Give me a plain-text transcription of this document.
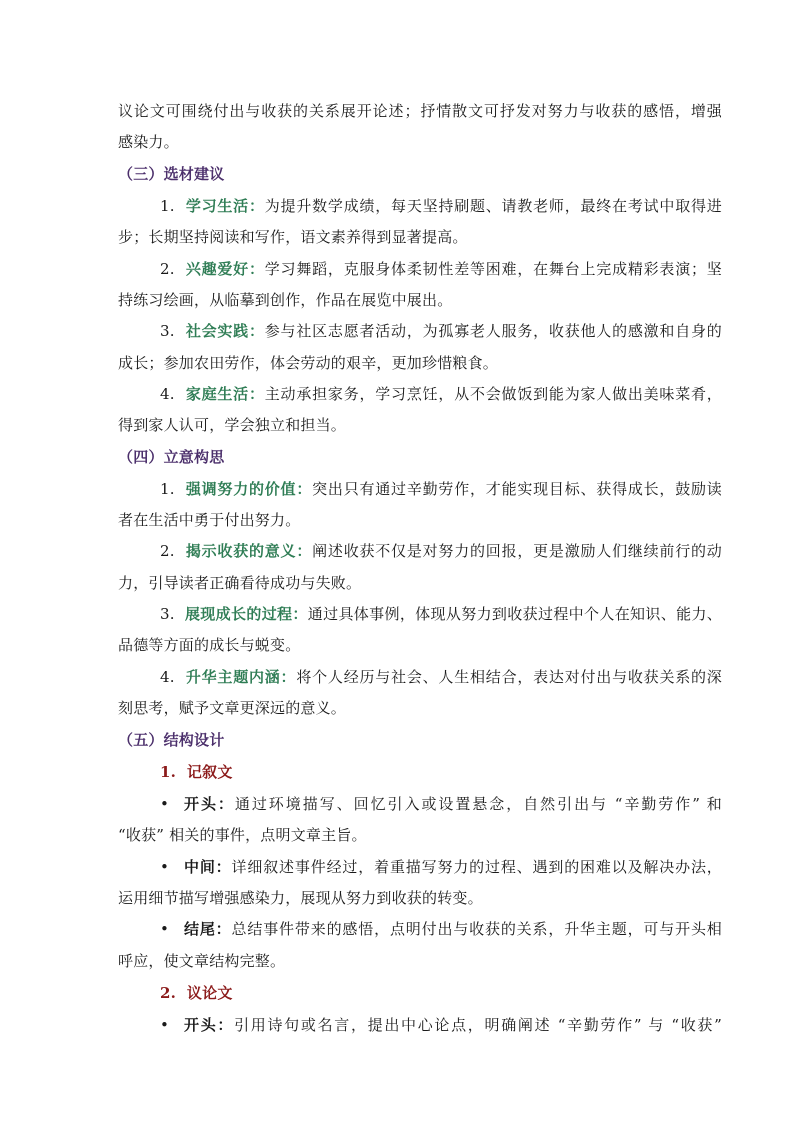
议论文可围绕付出与收获的关系展开论述；抒情散文可抒发对努力与收获的感悟，增强
感染力。
（三）选材建议
1. 学习生活：为提升数学成绩，每天坚持刷题、请教老师，最终在考试中取得进
步；长期坚持阅读和写作，语文素养得到显著提高。
2. 兴趣爱好：学习舞蹈，克服身体柔韧性差等困难，在舞台上完成精彩表演；坚
持练习绘画，从临摹到创作，作品在展览中展出。
3. 社会实践：参与社区志愿者活动，为孤寡老人服务，收获他人的感激和自身的
成长；参加农田劳作，体会劳动的艰辛，更加珍惜粮食。
4. 家庭生活：主动承担家务，学习烹饪，从不会做饭到能为家人做出美味菜肴，
得到家人认可，学会独立和担当。
（四）立意构思
1. 强调努力的价值：突出只有通过辛勤劳作，才能实现目标、获得成长，鼓励读
者在生活中勇于付出努力。
2. 揭示收获的意义：阐述收获不仅是对努力的回报，更是激励人们继续前行的动
力，引导读者正确看待成功与失败。
3. 展现成长的过程：通过具体事例，体现从努力到收获过程中个人在知识、能力、
品德等方面的成长与蜕变。
4. 升华主题内涵：将个人经历与社会、人生相结合，表达对付出与收获关系的深
刻思考，赋予文章更深远的意义。
（五）结构设计
1. 记叙文
• 开头：通过环境描写、回忆引入或设置悬念，自然引出与 “辛勤劳作” 和
“收获” 相关的事件，点明文章主旨。
• 中间：详细叙述事件经过，着重描写努力的过程、遇到的困难以及解决办法，
运用细节描写增强感染力，展现从努力到收获的转变。
• 结尾：总结事件带来的感悟，点明付出与收获的关系，升华主题，可与开头相
呼应，使文章结构完整。
2. 议论文
• 开头：引用诗句或名言，提出中心论点，明确阐述 “辛勤劳作” 与 “收获”
